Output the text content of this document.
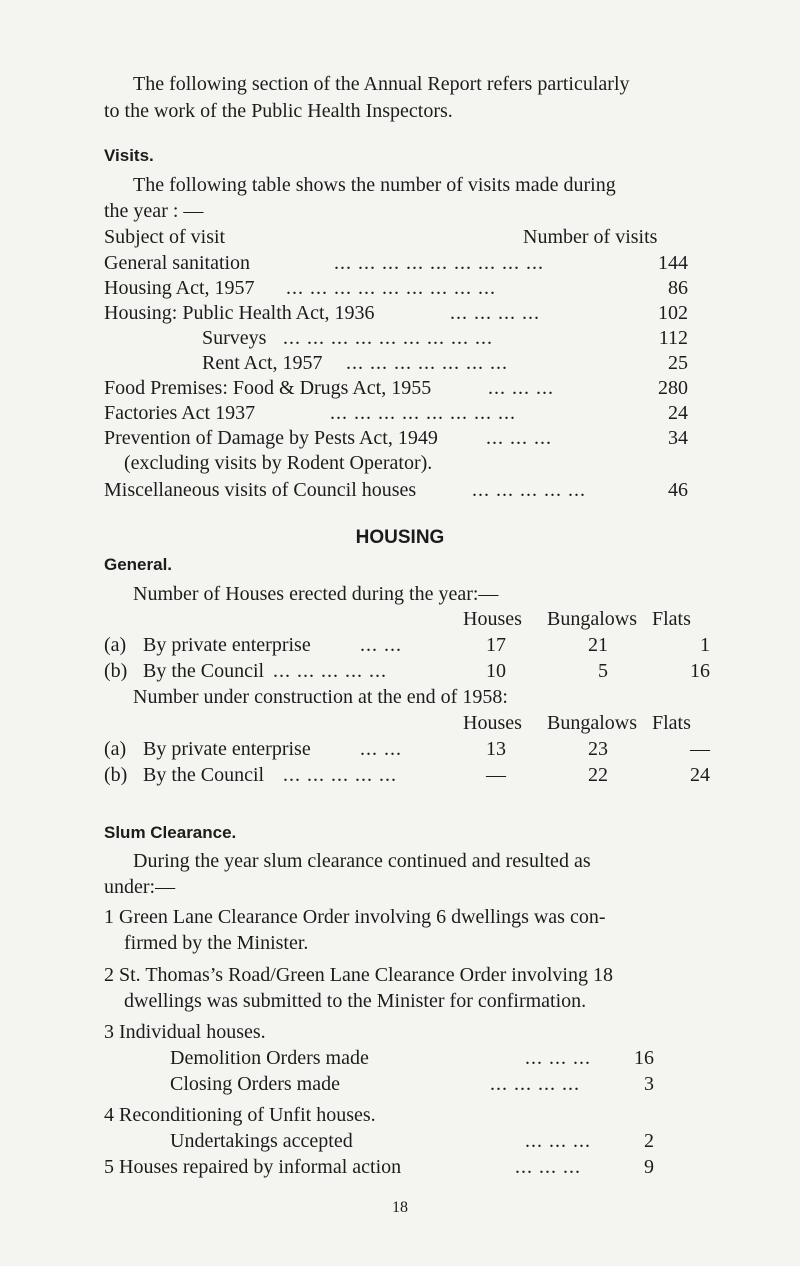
The following section of the Annual Report refers particularly
to the work of the Public Health Inspectors.
Visits.
The following table shows the number of visits made during
the year : —
Subject of visit	Number of visits
General sanitation	... ... ... ... ... ... ... ... ...	144
Housing Act, 1957 ... ... ... ... ... ... ... ... ...	86
Housing: Public Health Act, 1936	... ... ... ...	102
Surveys ... ... ... ... ... ... ... ... ...	112
Rent Act, 1957 ... ... ... ... ... ... ...	25
Food Premises: Food & Drugs Act, 1955	... ... ...	280
Factories Act 1937	... ... ... ... ... ... ... ...	24
Prevention of Damage by Pests Act, 1949 ... ... ...	34
(excluding visits by Rodent Operator).
Miscellaneous visits of Council houses	... ... ... ... ...	46
HOUSING
General.
Number of Houses erected during the year:—
Houses Bungalows Flats
(a) By private enterprise ... ...	17	21	1
(b) By the Council ... ... ... ... ...	10	5	16
Number under construction at the end of 1958:
Houses Bungalows Flats
(a) By private enterprise ... ...	13	23	—
(b) By the Council ... ... ... ... ...	—	22	24
Slum Clearance.
During the year slum clearance continued and resulted as
under:—
1 Green Lane Clearance Order involving 6 dwellings was con-
firmed by the Minister.
2 St. Thomas’s Road/Green Lane Clearance Order involving 18
dwellings was submitted to the Minister for confirmation.
3 Individual houses.
Demolition Orders made	... ... ...	16
Closing Orders made	... ... ... ...	3
4 Reconditioning of Unfit houses.
Undertakings accepted	... ... ...	2
5 Houses repaired by informal action	... ... ...	9
18
